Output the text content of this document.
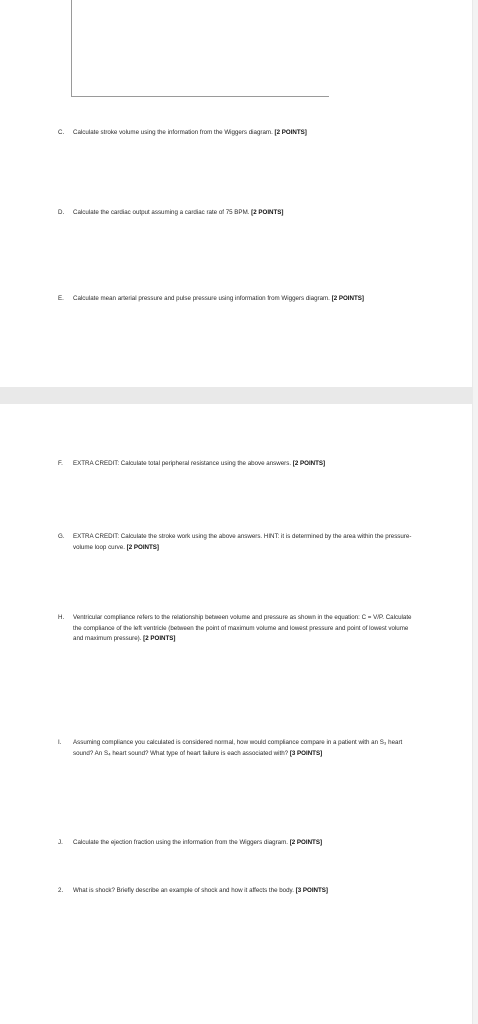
C.	Calculate stroke volume using the information from the Wiggers diagram. [2 POINTS]
D.	Calculate the cardiac output assuming a cardiac rate of 75 BPM. [2 POINTS]
E.	Calculate mean arterial pressure and pulse pressure using information from Wiggers diagram. [2 POINTS]
F.	EXTRA CREDIT: Calculate total peripheral resistance using the above answers. [2 POINTS]
G.	EXTRA CREDIT: Calculate the stroke work using the above answers. HINT: it is determined by the area within the pressure-volume loop curve. [2 POINTS]
H.	Ventricular compliance refers to the relationship between volume and pressure as shown in the equation: C = V/P. Calculate the compliance of the left ventricle (between the point of maximum volume and lowest pressure and point of lowest volume and maximum pressure). [2 POINTS]
I.	Assuming compliance you calculated is considered normal, how would compliance compare in a patient with an S₃ heart sound? An S₄ heart sound? What type of heart failure is each associated with? [3 POINTS]
J.	Calculate the ejection fraction using the information from the Wiggers diagram. [2 POINTS]
2.	What is shock? Briefly describe an example of shock and how it affects the body. [3 POINTS]
